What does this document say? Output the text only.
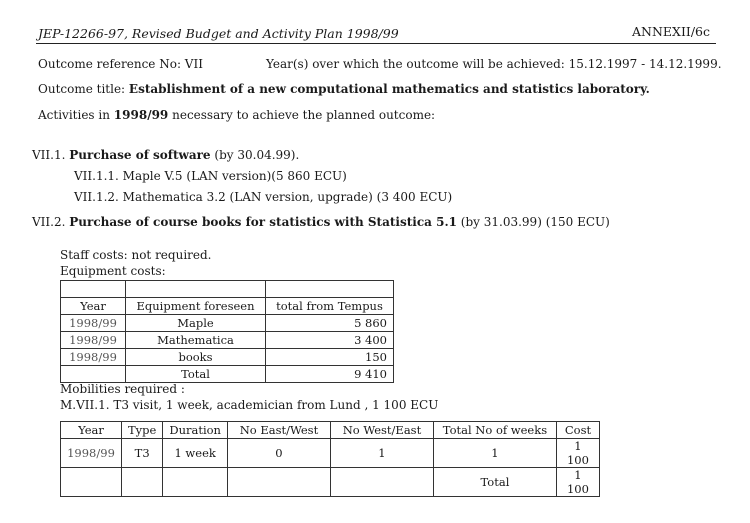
JEP-12266-97, Revised Budget and Activity Plan 1998/99	ANNEXII/6c
Outcome reference No: VII	Year(s) over which the outcome will be achieved: 15.12.1997 - 14.12.1999.
Outcome title: Establishment of a new computational mathematics and statistics laboratory.
Activities in 1998/99 necessary to achieve the planned outcome:
VII.1. Purchase of software (by 30.04.99).
VII.1.1. Maple V.5 (LAN version)(5 860 ECU)
VII.1.2. Mathematica 3.2 (LAN version, upgrade) (3 400 ECU)
VII.2. Purchase of course books for statistics with Statistica 5.1 (by 31.03.99) (150 ECU)
Staff costs: not required.
Equipment costs:

Year	Equipment foreseen	total from Tempus
1998/99	Maple	5 860
1998/99	Mathematica	3 400
1998/99	books	150
	Total	9 410
Mobilities required :
M.VII.1. T3 visit, 1 week, academician from Lund , 1 100 ECU
Year	Type	Duration	No East/West	No West/East	Total No of weeks	Cost
1998/99	T3	1 week	0	1	1	1 100
					Total	1 100
